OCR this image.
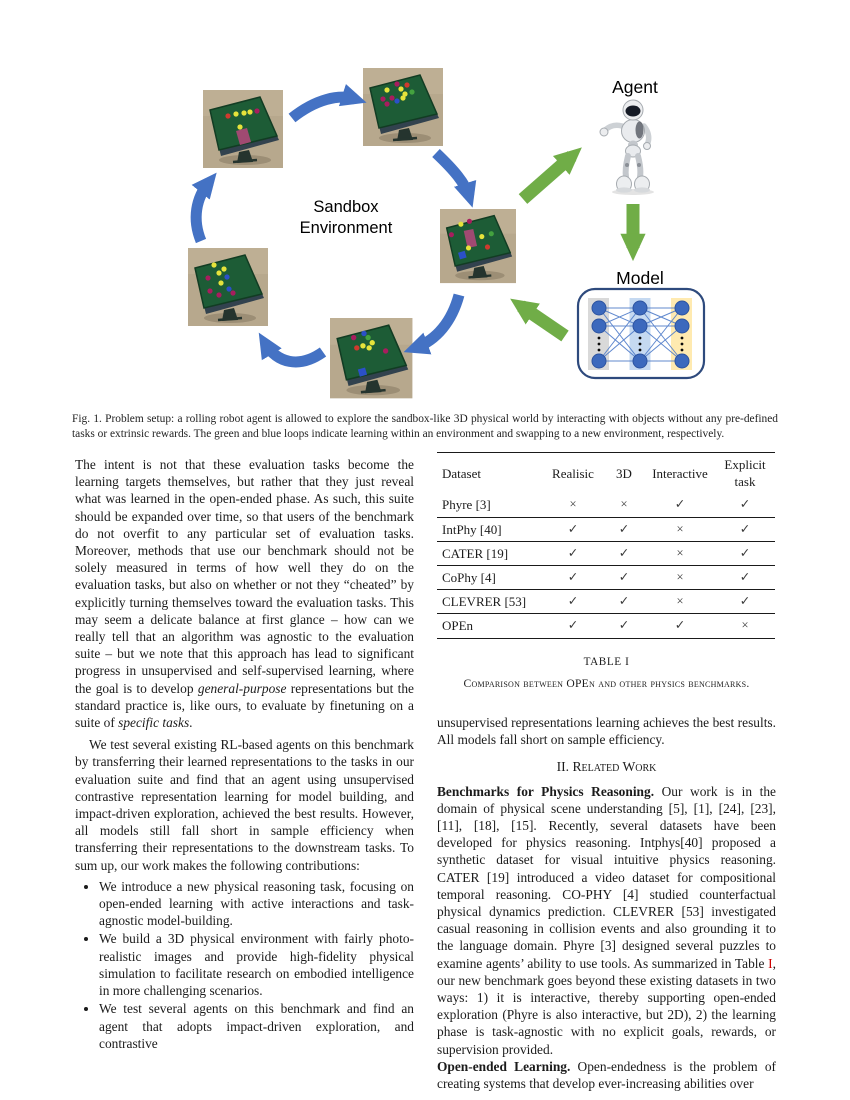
Sandbox
Environment
Agent
Model

Fig. 1. Problem setup: a rolling robot agent is allowed to explore the sandbox-like 3D physical world by interacting with objects without any pre-defined tasks or extrinsic rewards. The green and blue loops indicate learning within an environment and swapping to a new environment, respectively.

The intent is not that these evaluation tasks become the learning targets themselves, but rather that they just reveal what was learned in the open-ended phase. As such, this suite should be expanded over time, so that users of the benchmark do not overfit to any particular set of evaluation tasks. Moreover, methods that use our benchmark should not be solely measured in terms of how well they do on the evaluation tasks, but also on whether or not they “cheated” by explicitly turning themselves toward the evaluation tasks. This may seem a delicate balance at first glance – how can we really tell that an algorithm was agnostic to the evaluation suite – but we note that this approach has lead to significant progress in unsupervised and self-supervised learning, where the goal is to develop general-purpose representations but the standard practice is, like ours, to evaluate by finetuning on a suite of specific tasks.

We test several existing RL-based agents on this benchmark by transferring their learned representations to the tasks in our evaluation suite and find that an agent using unsupervised contrastive representation learning for model building, and impact-driven exploration, achieved the best results. However, all models still fall short in sample efficiency when transferring their representations to the downstream tasks. To sum up, our work makes the following contributions:

• We introduce a new physical reasoning task, focusing on open-ended learning with active interactions and task-agnostic model-building.
• We build a 3D physical environment with fairly photo-realistic images and provide high-fidelity physical simulation to facilitate research on embodied intelligence in more challenging scenarios.
• We test several agents on this benchmark and find an agent that adopts impact-driven exploration, and contrastive
Dataset	Realisic	3D	Interactive	Explicit task
Phyre [3]	×	×	✓	✓
IntPhy [40]	✓	✓	×	✓
CATER [19]	✓	✓	×	✓
CoPhy [4]	✓	✓	×	✓
CLEVRER [53]	✓	✓	×	✓
OPEn	✓	✓	✓	×
TABLE I
Comparison between OPEn and other physics benchmarks.

unsupervised representations learning achieves the best results. All models fall short on sample efficiency.

II. Related Work

Benchmarks for Physics Reasoning. Our work is in the domain of physical scene understanding [5], [1], [24], [23], [11], [18], [15]. Recently, several datasets have been developed for physics reasoning. Intphys[40] proposed a synthetic dataset for visual intuitive physics reasoning. CATER [19] introduced a video dataset for compositional temporal reasoning. CO-PHY [4] studied counterfactual physical dynamics prediction. CLEVRER [53] investigated casual reasoning in collision events and also grounding it to the language domain. Phyre [3] designed several puzzles to examine agents’ ability to use tools. As summarized in Table I, our new benchmark goes beyond these existing datasets in two ways: 1) it is interactive, thereby supporting open-ended exploration (Phyre is also interactive, but 2D), 2) the learning phase is task-agnostic with no explicit goals, rewards, or supervision provided.

Open-ended Learning. Open-endedness is the problem of creating systems that develop ever-increasing abilities over
